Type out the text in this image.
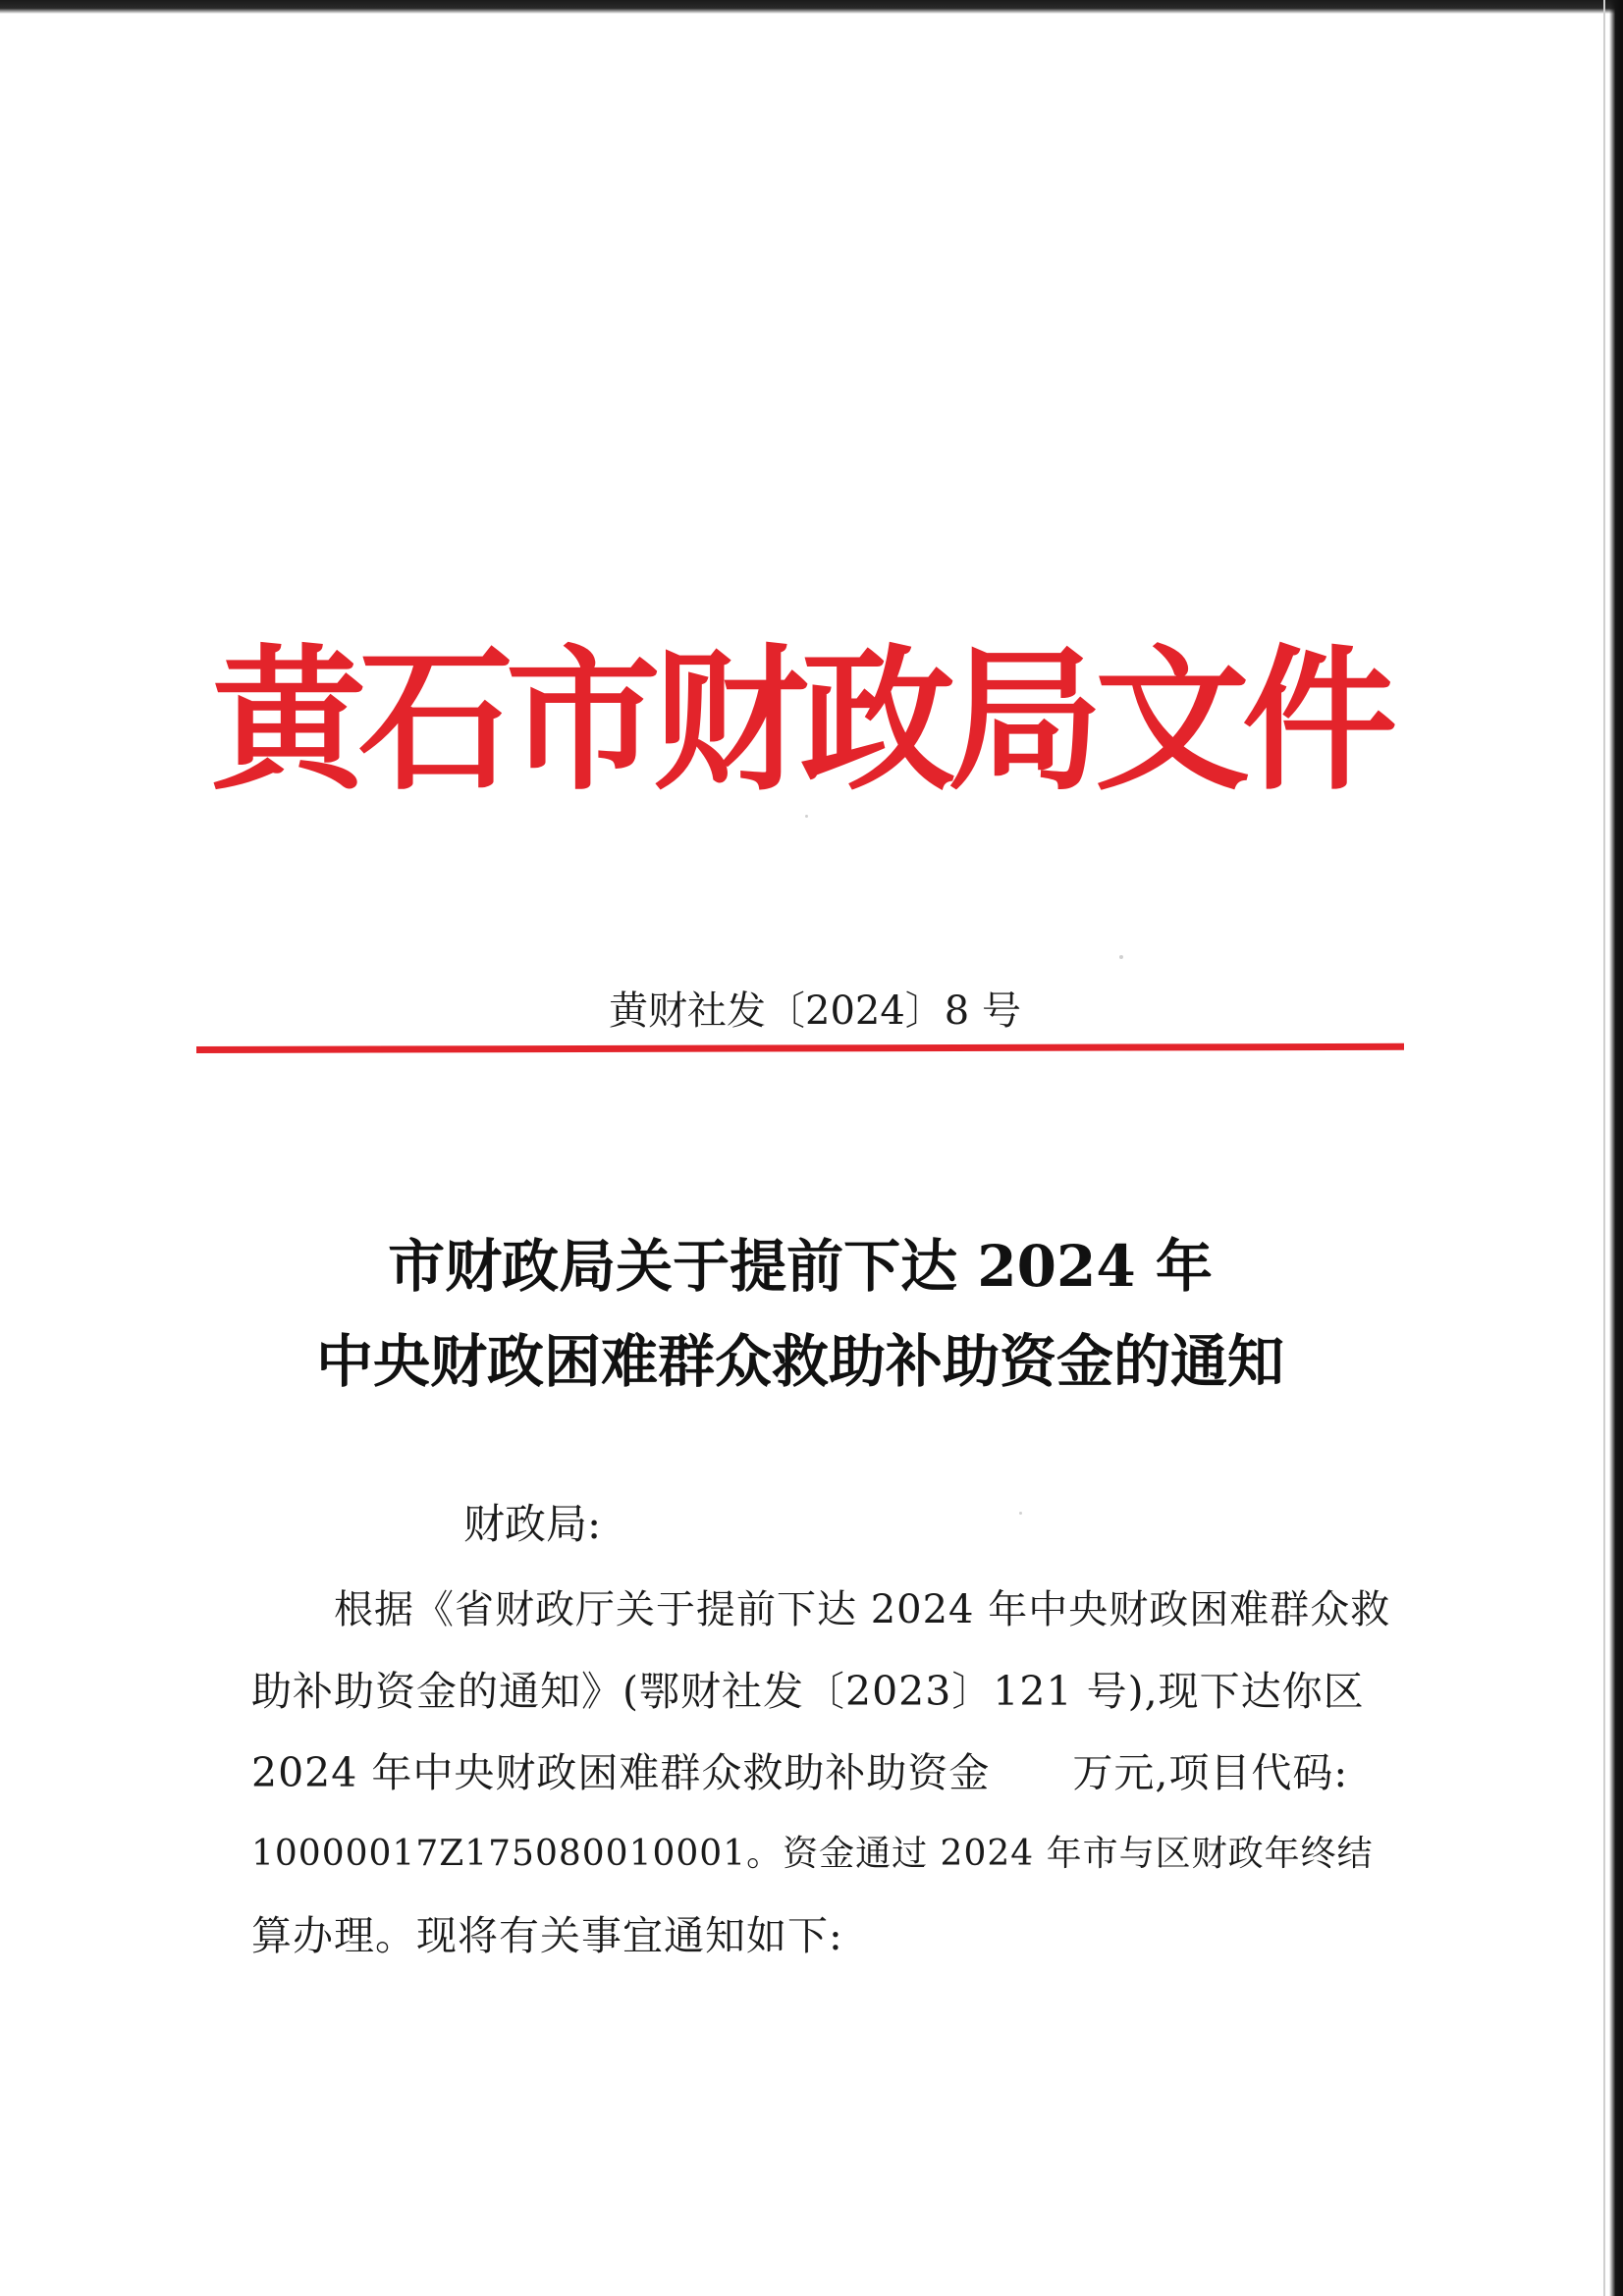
黄石市财政局文件
黄财社发〔2024〕8 号
市财政局关于提前下达 2024 年
中央财政困难群众救助补助资金的通知
财政局:
根据《省财政厅关于提前下达 2024 年中央财政困难群众救
助补助资金的通知》(鄂财社发〔2023〕121 号),现下达你区
2024 年中央财政困难群众救助补助资金　　万元,项目代码:
10000017Z175080010001。资金通过 2024 年市与区财政年终结
算办理。现将有关事宜通知如下:
